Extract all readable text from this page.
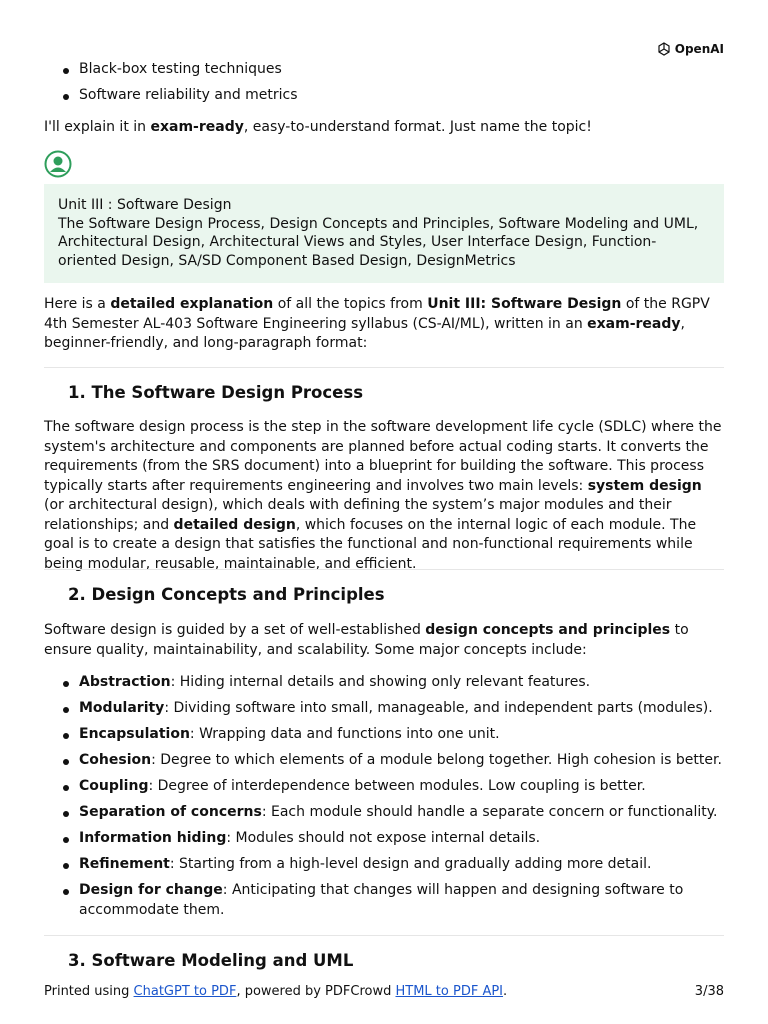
OpenAI
Black-box testing techniques
Software reliability and metrics

I'll explain it in exam-ready, easy-to-understand format. Just name the topic!

Unit III : Software Design
The Software Design Process, Design Concepts and Principles, Software Modeling and UML, Architectural Design, Architectural Views and Styles, User Interface Design, Function- oriented Design, SA/SD Component Based Design, DesignMetrics

Here is a detailed explanation of all the topics from Unit III: Software Design of the RGPV 4th Semester AL-403 Software Engineering syllabus (CS-AI/ML), written in an exam-ready, beginner-friendly, and long-paragraph format:

1. The Software Design Process

The software design process is the step in the software development life cycle (SDLC) where the system's architecture and components are planned before actual coding starts. It converts the requirements (from the SRS document) into a blueprint for building the software. This process typically starts after requirements engineering and involves two main levels: system design (or architectural design), which deals with defining the system’s major modules and their relationships; and detailed design, which focuses on the internal logic of each module. The goal is to create a design that satisfies the functional and non-functional requirements while being modular, reusable, maintainable, and efficient.

2. Design Concepts and Principles

Software design is guided by a set of well-established design concepts and principles to ensure quality, maintainability, and scalability. Some major concepts include:

Abstraction: Hiding internal details and showing only relevant features.
Modularity: Dividing software into small, manageable, and independent parts (modules).
Encapsulation: Wrapping data and functions into one unit.
Cohesion: Degree to which elements of a module belong together. High cohesion is better.
Coupling: Degree of interdependence between modules. Low coupling is better.
Separation of concerns: Each module should handle a separate concern or functionality.
Information hiding: Modules should not expose internal details.
Refinement: Starting from a high-level design and gradually adding more detail.
Design for change: Anticipating that changes will happen and designing software to accommodate them.
3. Software Modeling and UML
Printed using ChatGPT to PDF, powered by PDFCrowd HTML to PDF API.	3/38
